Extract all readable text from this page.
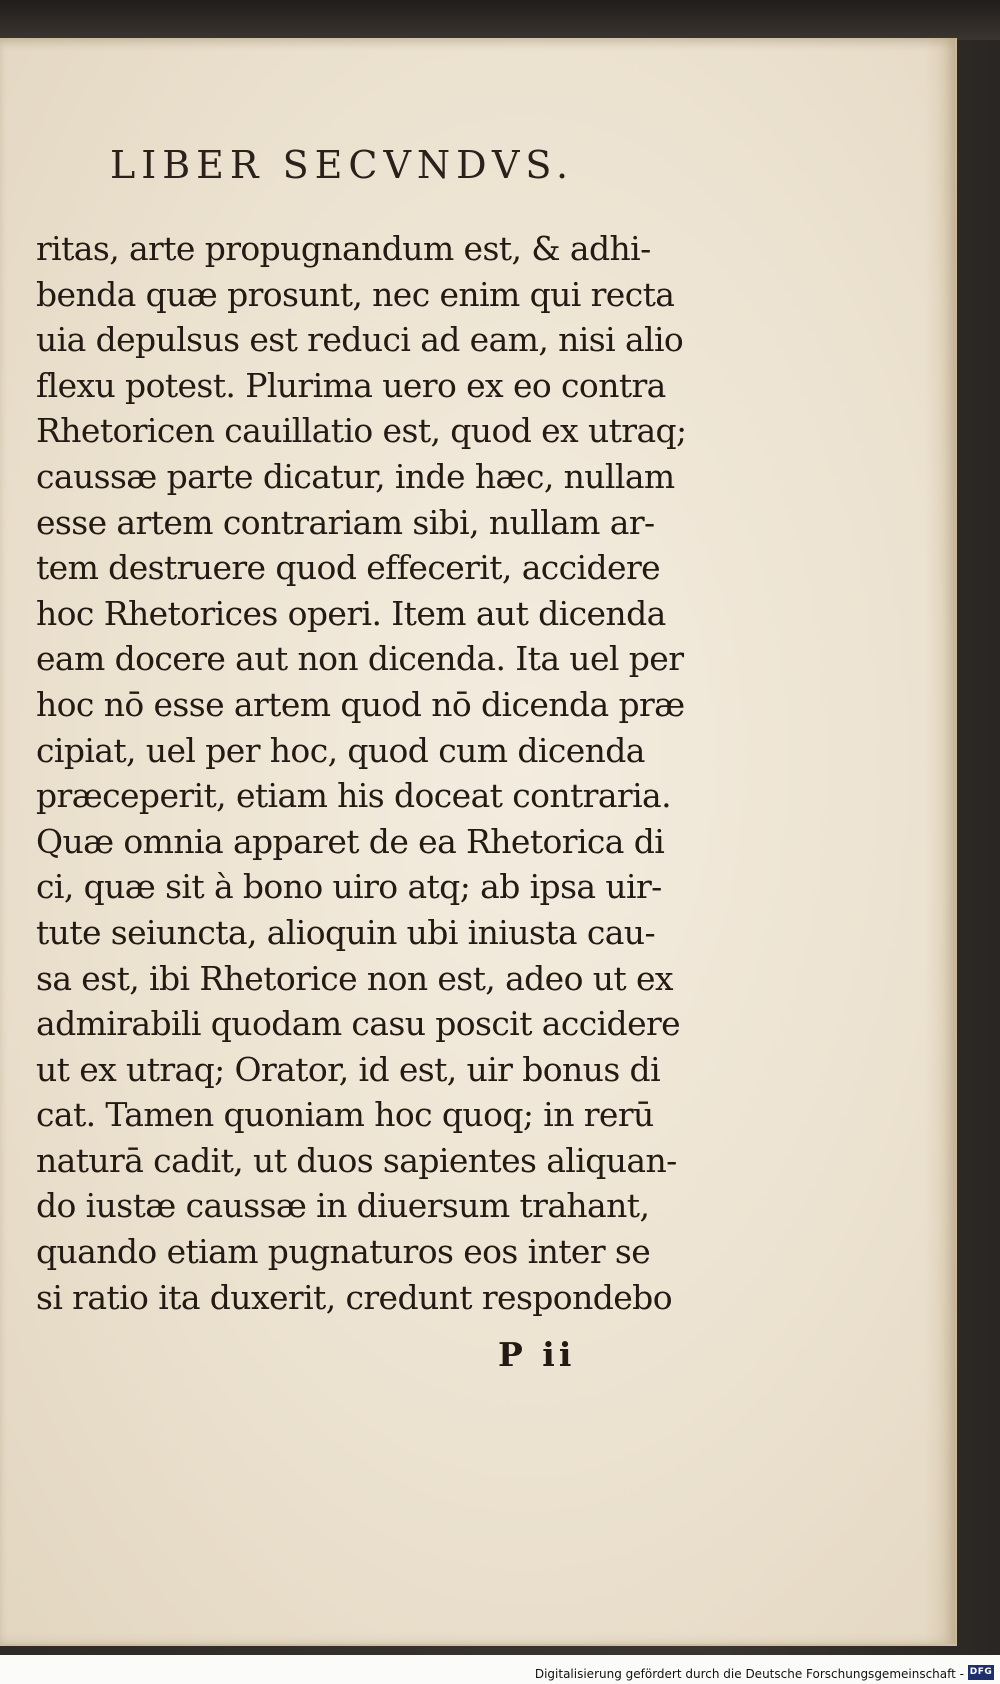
LIBER SECVNDVS.
ritas, arte propugnandum est, & adhi-
benda quæ prosunt, nec enim qui recta
uia depulsus est reduci ad eam, nisi alio
flexu potest. Plurima uero ex eo contra
Rhetoricen cauillatio est, quod ex utraq;
caussæ parte dicatur, inde hæc, nullam
esse artem contrariam sibi, nullam ar-
tem destruere quod effecerit, accidere
hoc Rhetorices operi. Item aut dicenda
eam docere aut non dicenda. Ita uel per
hoc nō esse artem quod nō dicenda præ
cipiat, uel per hoc, quod cum dicenda
præceperit, etiam his doceat contraria.
Quæ omnia apparet de ea Rhetorica di
ci, quæ sit à bono uiro atq; ab ipsa uir-
tute seiuncta, alioquin ubi iniusta cau-
sa est, ibi Rhetorice non est, adeo ut ex
admirabili quodam casu poscit accidere
ut ex utraq; Orator, id est, uir bonus di
cat. Tamen quoniam hoc quoq; in rerū
naturā cadit, ut duos sapientes aliquan-
do iustæ caussæ in diuersum trahant,
quando etiam pugnaturos eos inter se
si ratio ita duxerit, credunt respondebo
P ii
Digitalisierung gefördert durch die Deutsche Forschungsgemeinschaft - DFG
